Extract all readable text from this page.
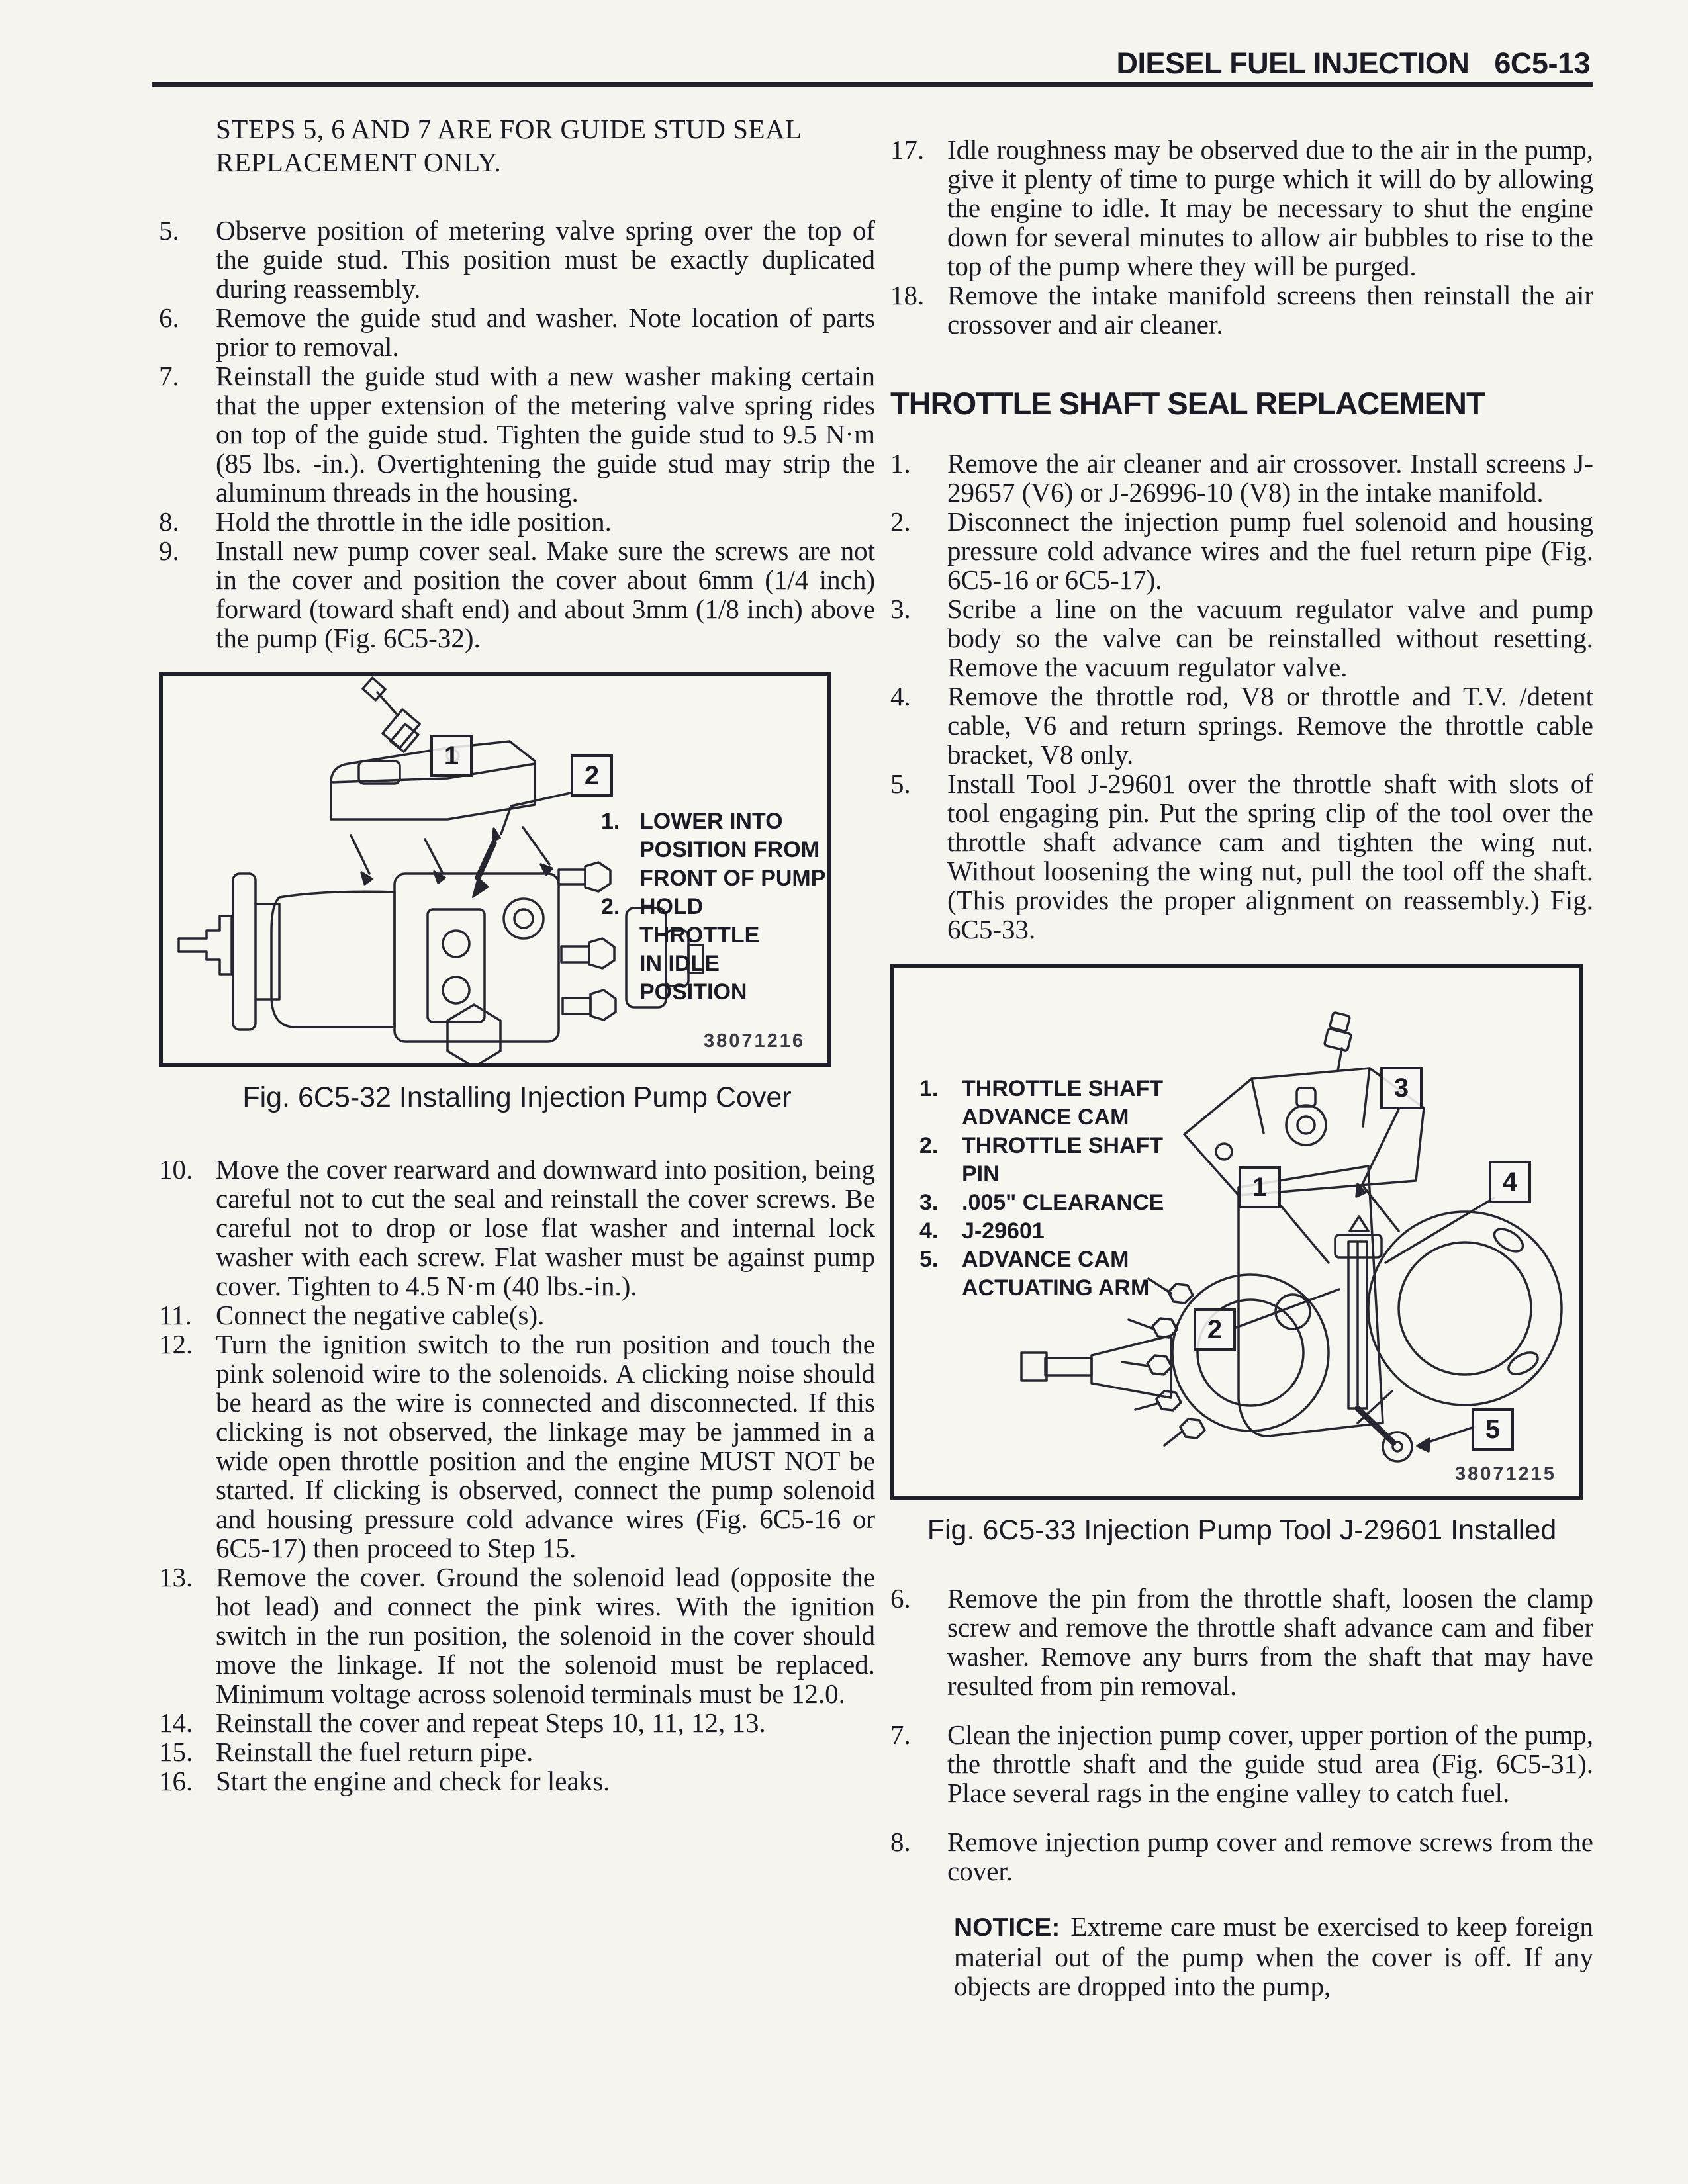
DIESEL FUEL INJECTION 6C5-13
STEPS 5, 6 AND 7 ARE FOR GUIDE STUD SEAL REPLACEMENT ONLY.
5.	Observe position of metering valve spring over the top of the guide stud. This position must be exactly duplicated during reassembly.
6.	Remove the guide stud and washer. Note location of parts prior to removal.
7.	Reinstall the guide stud with a new washer making certain that the upper extension of the metering valve spring rides on top of the guide stud. Tighten the guide stud to 9.5 N·m (85 lbs. -in.). Overtightening the guide stud may strip the aluminum threads in the housing.
8.	Hold the throttle in the idle position.
9.	Install new pump cover seal. Make sure the screws are not in the cover and position the cover about 6mm (1/4 inch) forward (toward shaft end) and about 3mm (1/8 inch) above the pump (Fig. 6C5-32).
1
2
1. LOWER INTO
POSITION FROM
FRONT OF PUMP
2. HOLD THROTTLE
IN IDLE
POSITION
38071216
Fig. 6C5-32 Installing Injection Pump Cover
10. Move the cover rearward and downward into position, being careful not to cut the seal and reinstall the cover screws. Be careful not to drop or lose flat washer and internal lock washer with each screw. Flat washer must be against pump cover. Tighten to 4.5 N·m (40 lbs.-in.).
11. Connect the negative cable(s).
12. Turn the ignition switch to the run position and touch the pink solenoid wire to the solenoids. A clicking noise should be heard as the wire is connected and disconnected. If this clicking is not observed, the linkage may be jammed in a wide open throttle position and the engine MUST NOT be started. If clicking is observed, connect the pump solenoid and housing pressure cold advance wires (Fig. 6C5-16 or 6C5-17) then proceed to Step 15.
13. Remove the cover. Ground the solenoid lead (opposite the hot lead) and connect the pink wires. With the ignition switch in the run position, the solenoid in the cover should move the linkage. If not the solenoid must be replaced. Minimum voltage across solenoid terminals must be 12.0.
14. Reinstall the cover and repeat Steps 10, 11, 12, 13.
15. Reinstall the fuel return pipe.
16. Start the engine and check for leaks.
17. Idle roughness may be observed due to the air in the pump, give it plenty of time to purge which it will do by allowing the engine to idle. It may be necessary to shut the engine down for several minutes to allow air bubbles to rise to the top of the pump where they will be purged.
18. Remove the intake manifold screens then reinstall the air crossover and air cleaner.
THROTTLE SHAFT SEAL REPLACEMENT
1.	Remove the air cleaner and air crossover. Install screens J-29657 (V6) or J-26996-10 (V8) in the intake manifold.
2.	Disconnect the injection pump fuel solenoid and housing pressure cold advance wires and the fuel return pipe (Fig. 6C5-16 or 6C5-17).
3.	Scribe a line on the vacuum regulator valve and pump body so the valve can be reinstalled without resetting. Remove the vacuum regulator valve.
4.	Remove the throttle rod, V8 or throttle and T.V. /detent cable, V6 and return springs. Remove the throttle cable bracket, V8 only.
5.	Install Tool J-29601 over the throttle shaft with slots of tool engaging pin. Put the spring clip of the tool over the throttle shaft advance cam and tighten the wing nut. Without loosening the wing nut, pull the tool off the shaft. (This provides the proper alignment on reassembly.) Fig. 6C5-33.
1
2
3
4
5
1.	THROTTLE SHAFT
ADVANCE CAM
2.	THROTTLE SHAFT
PIN
3.	.005" CLEARANCE
4.	J-29601
5.	ADVANCE CAM
ACTUATING ARM
38071215
Fig. 6C5-33 Injection Pump Tool J-29601 Installed
6.	Remove the pin from the throttle shaft, loosen the clamp screw and remove the throttle shaft advance cam and fiber washer. Remove any burrs from the shaft that may have resulted from pin removal.
7.	Clean the injection pump cover, upper portion of the pump, the throttle shaft and the guide stud area (Fig. 6C5-31). Place several rags in the engine valley to catch fuel.
8.	Remove injection pump cover and remove screws from the cover.
NOTICE: Extreme care must be exercised to keep foreign material out of the pump when the cover is off. If any objects are dropped into the pump,
